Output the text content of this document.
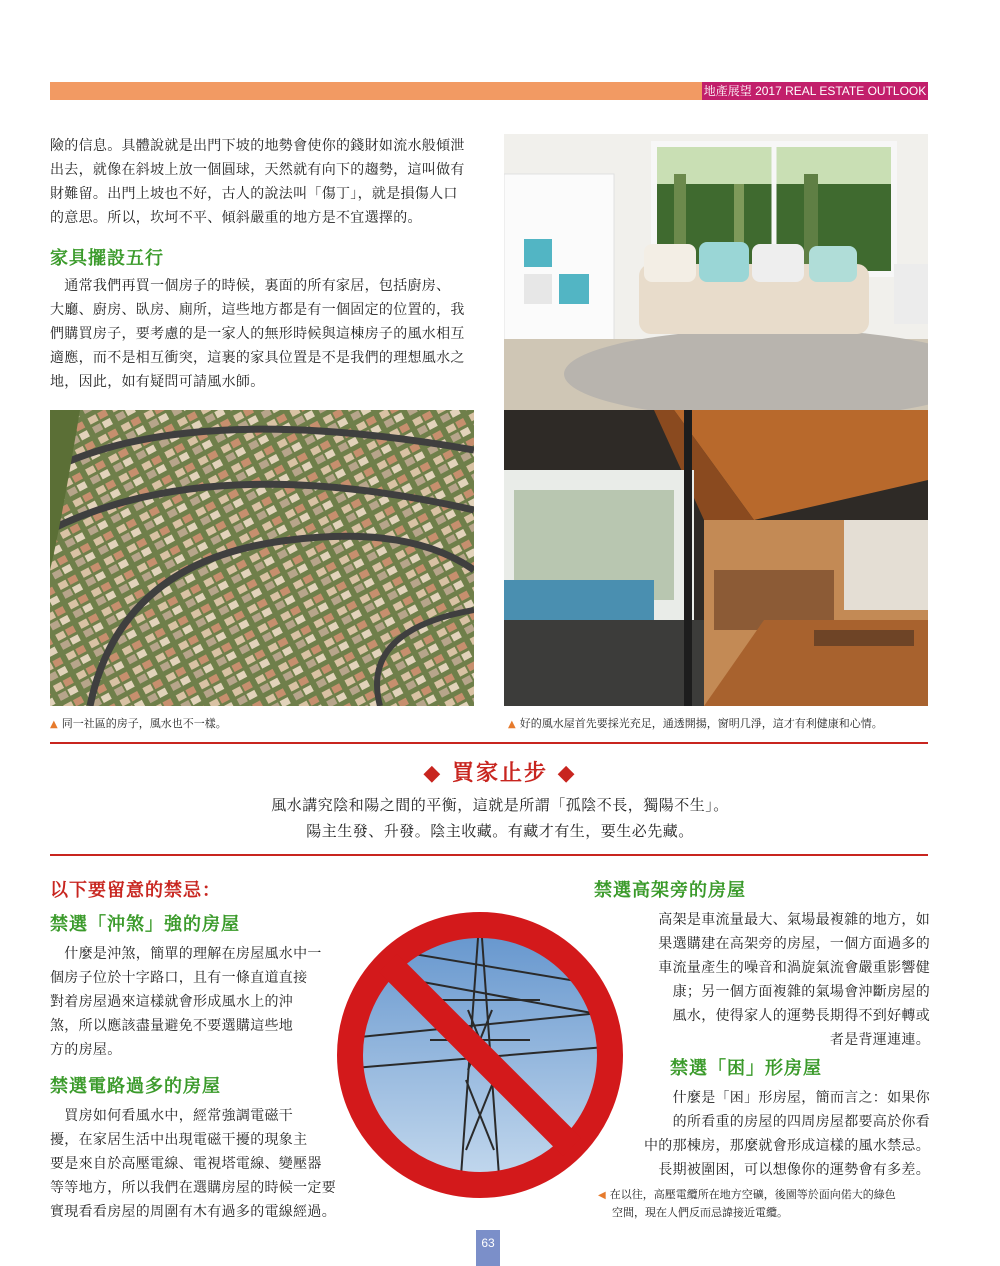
地產展望 2017 REAL ESTATE OUTLOOK

險的信息。具體說就是出門下坡的地勢會使你的錢財如流水般傾泄
出去，就像在斜坡上放一個圓球，天然就有向下的趨勢，這叫做有
財難留。出門上坡也不好，古人的說法叫「傷丁」，就是損傷人口
的意思。所以，坎坷不平、傾斜嚴重的地方是不宜選擇的。

家具擺設五行

　通常我們再買一個房子的時候，裏面的所有家居，包括廚房、
大廳、廚房、臥房、廁所，這些地方都是有一個固定的位置的，我
們購買房子，要考慮的是一家人的無形時候與這棟房子的風水相互
適應，而不是相互衝突，這裹的家具位置是不是我們的理想風水之
地，因此，如有疑問可請風水師。

▲ 同一社區的房子，風水也不一樣。	▲ 好的風水屋首先要採光充足，通透開揚，窗明几淨，這才有利健康和心情。
◆ 買家止步 ◆
風水講究陰和陽之間的平衡，這就是所謂「孤陰不長，獨陽不生」。
陽主生發、升發。陰主收藏。有藏才有生，要生必先藏。
以下要留意的禁忌：
禁選「沖煞」強的房屋

　什麼是沖煞，簡單的理解在房屋風水中一
個房子位於十字路口，且有一條直道直接
對着房屋過來這樣就會形成風水上的沖
煞，所以應該盡量避免不要選購這些地
方的房屋。

禁選電路過多的房屋

　買房如何看風水中，經常強調電磁干
擾，在家居生活中出現電磁干擾的現象主
要是來自於高壓電線、電視塔電線、變壓器
等等地方，所以我們在選購房屋的時候一定要
實現看看房屋的周圍有木有過多的電線經過。

禁選高架旁的房屋

高架是車流量最大、氣場最複雜的地方，如
果選購建在高架旁的房屋，一個方面過多的
車流量產生的噪音和渦旋氣流會嚴重影響健
康；另一個方面複雜的氣場會沖斷房屋的
風水，使得家人的運勢長期得不到好轉或
者是背運連連。

禁選「困」形房屋

什麼是「困」形房屋，簡而言之：如果你
的所看重的房屋的四周房屋都要高於你看
中的那棟房，那麼就會形成這樣的風水禁忌。
長期被圍困，可以想像你的運勢會有多差。

◀ 在以往，高壓電纜所在地方空礦，後園等於面向偌大的綠色
空間，現在人們反而忌諱接近電纜。
63
